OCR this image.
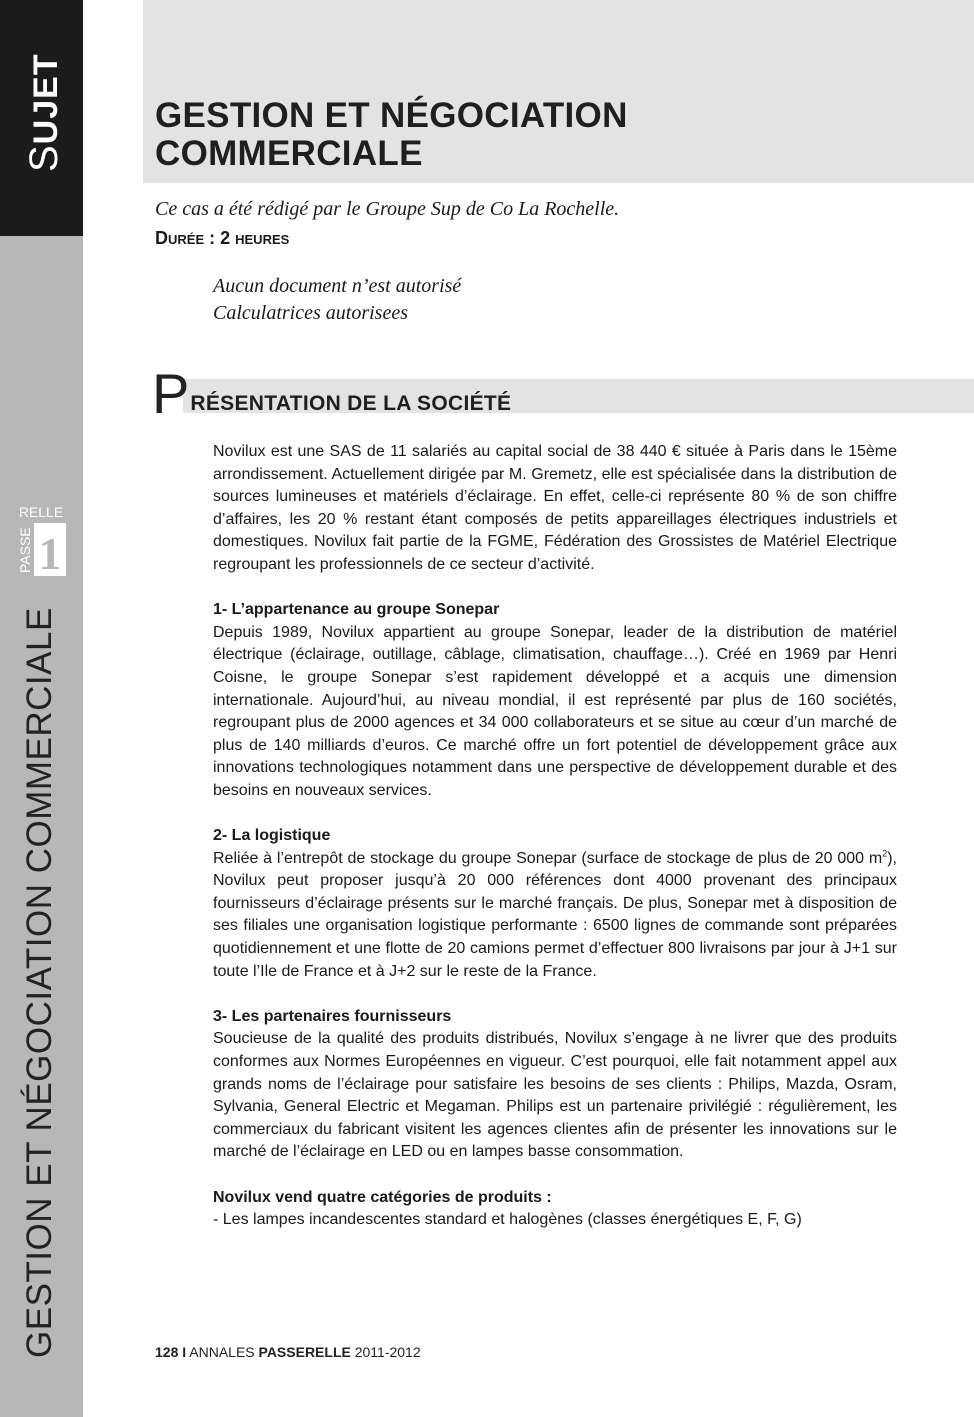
SUJET
RELLE
PASSE 1
GESTION ET NÉGOCIATION COMMERCIALE
GESTION ET NÉGOCIATION
COMMERCIALE

Ce cas a été rédigé par le Groupe Sup de Co La Rochelle.

Durée : 2 heures

Aucun document n’est autorisé
Calculatrices autorisees

PRÉSENTATION DE LA SOCIÉTÉ

Novilux est une SAS de 11 salariés au capital social de 38 440 € située à Paris dans le 15ème arrondissement. Actuellement dirigée par M. Gremetz, elle est spécialisée dans la distribution de sources lumineuses et matériels d’éclairage. En effet, celle-ci représente 80 % de son chiffre d’affaires, les 20 % restant étant composés de petits appareillages électriques industriels et domestiques. Novilux fait partie de la FGME, Fédération des Grossistes de Matériel Electrique regroupant les professionnels de ce secteur d’activité.

1- L’appartenance au groupe Sonepar

Depuis 1989, Novilux appartient au groupe Sonepar, leader de la distribution de matériel électrique (éclairage, outillage, câblage, climatisation, chauffage…). Créé en 1969 par Henri Coisne, le groupe Sonepar s’est rapidement développé et a acquis une dimension internationale. Aujourd’hui, au niveau mondial, il est représenté par plus de 160 sociétés, regroupant plus de 2000 agences et 34 000 collaborateurs et se situe au cœur d’un marché de plus de 140 milliards d’euros. Ce marché offre un fort potentiel de développement grâce aux innovations technologiques notamment dans une perspective de développement durable et des besoins en nouveaux services.

2- La logistique

Reliée à l’entrepôt de stockage du groupe Sonepar (surface de stockage de plus de 20 000 $m^2$), Novilux peut proposer jusqu’à 20 000 références dont 4000 provenant des principaux fournisseurs d’éclairage présents sur le marché français. De plus, Sonepar met à disposition de ses filiales une organisation logistique performante : 6500 lignes de commande sont préparées quotidiennement et une flotte de 20 camions permet d’effectuer 800 livraisons par jour à J+1 sur toute l’Ile de France et à J+2 sur le reste de la France.

3- Les partenaires fournisseurs

Soucieuse de la qualité des produits distribués, Novilux s’engage à ne livrer que des produits conformes aux Normes Européennes en vigueur. C’est pourquoi, elle fait notamment appel aux grands noms de l’éclairage pour satisfaire les besoins de ses clients : Philips, Mazda, Osram, Sylvania, General Electric et Megaman. Philips est un partenaire privilégié : régulièrement, les commerciaux du fabricant visitent les agences clientes afin de présenter les innovations sur le marché de l’éclairage en LED ou en lampes basse consommation.

Novilux vend quatre catégories de produits :

- Les lampes incandescentes standard et halogènes (classes énergétiques E, F, G)

128 I ANNALES PASSERELLE 2011-2012
